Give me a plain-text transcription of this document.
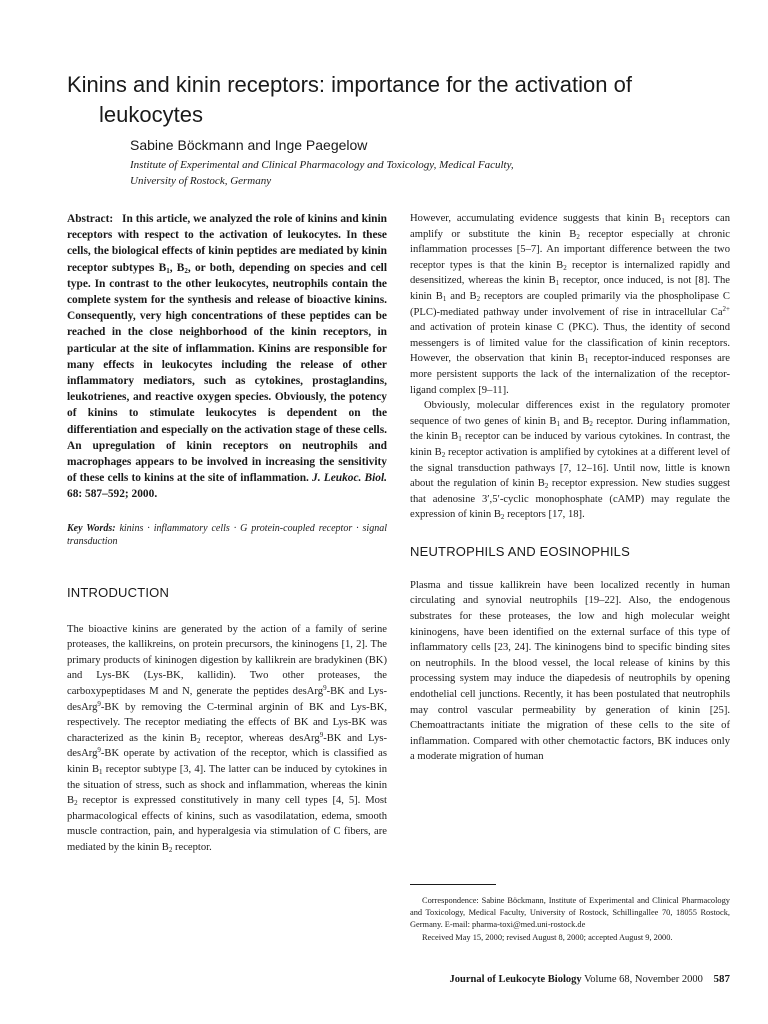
Kinins and kinin receptors: importance for the activation of
leukocytes
Sabine Böckmann and Inge Paegelow
Institute of Experimental and Clinical Pharmacology and Toxicology, Medical Faculty,
University of Rostock, Germany
Abstract:   In this article, we analyzed the role of kinins and kinin receptors with respect to the activation of leukocytes. In these cells, the biological effects of kinin peptides are mediated by kinin receptor subtypes $B_1$, $B_2$, or both, depending on species and cell type. In contrast to the other leukocytes, neutrophils contain the complete system for the synthesis and release of bioactive kinins. Consequently, very high concentrations of these peptides can be reached in the close neighborhood of the kinin receptors, in particular at the site of inflammation. Kinins are responsible for many effects in leukocytes including the release of other inflammatory mediators, such as cytokines, prostaglandins, leukotrienes, and reactive oxygen species. Obviously, the potency of kinins to stimulate leukocytes is dependent on the differentiation and especially on the activation stage of these cells. An upregulation of kinin receptors on neutrophils and macrophages appears to be involved in increasing the sensitivity of these cells to kinins at the site of inflammation. J. Leukoc. Biol. 68: 587–592; 2000.
Key Words: kinins · inflammatory cells · G protein-coupled receptor · signal transduction
INTRODUCTION

The bioactive kinins are generated by the action of a family of serine proteases, the kallikreins, on protein precursors, the kininogens [1, 2]. The primary products of kininogen digestion by kallikrein are bradykinen (BK) and Lys-BK (Lys-BK, kallidin). Two other proteases, the carboxypeptidases M and N, generate the peptides desArg$^9$-BK and Lys-desArg$^9$-BK by removing the C-terminal arginin of BK and Lys-BK, respectively. The receptor mediating the effects of BK and Lys-BK was characterized as the kinin $B_2$ receptor, whereas desArg$^9$-BK and Lys-desArg$^9$-BK operate by activation of the receptor, which is classified as kinin $B_1$ receptor subtype [3, 4]. The latter can be induced by cytokines in the situation of stress, such as shock and inflammation, whereas the kinin $B_2$ receptor is expressed constitutively in many cell types [4, 5]. Most pharmacological effects of kinins, such as vasodilatation, edema, smooth muscle contraction, pain, and hyperalgesia via stimulation of C fibers, are mediated by the kinin $B_2$ receptor.

However, accumulating evidence suggests that kinin $B_1$ receptors can amplify or substitute the kinin $B_2$ receptor especially at chronic inflammation processes [5–7]. An important difference between the two receptor types is that the kinin $B_2$ receptor is internalized rapidly and desensitized, whereas the kinin $B_1$ receptor, once induced, is not [8]. The kinin $B_1$ and $B_2$ receptors are coupled primarily via the phospholipase C (PLC)-mediated pathway under involvement of rise in intracellular $Ca^{2+}$ and activation of protein kinase C (PKC). Thus, the identity of second messengers is of limited value for the classification of kinin receptors. However, the observation that kinin $B_1$ receptor-induced responses are more persistent supports the lack of the internalization of the receptor-ligand complex [9–11].

Obviously, molecular differences exist in the regulatory promoter sequence of two genes of kinin $B_1$ and $B_2$ receptor. During inflammation, the kinin $B_1$ receptor can be induced by various cytokines. In contrast, the kinin $B_2$ receptor activation is amplified by cytokines at a different level of the signal transduction pathways [7, 12–16]. Until now, little is known about the regulation of kinin $B_2$ receptor expression. New studies suggest that adenosine 3′,5′-cyclic monophosphate (cAMP) may regulate the expression of kinin $B_2$ receptors [17, 18].

NEUTROPHILS AND EOSINOPHILS

Plasma and tissue kallikrein have been localized recently in human circulating and synovial neutrophils [19–22]. Also, the endogenous substrates for these proteases, the low and high molecular weight kininogens, have been identified on the external surface of this type of inflammatory cells [23, 24]. The kininogens bind to specific binding sites on neutrophils. In the blood vessel, the local release of kinins by this processing system may induce the diapedesis of neutrophils by opening endothelial cell junctions. Recently, it has been postulated that neutrophils may control vascular permeability by generation of kinin [25]. Chemoattractants initiate the migration of these cells to the site of inflammation. Compared with other chemotactic factors, BK induces only a moderate migration of human

Correspondence: Sabine Böckmann, Institute of Experimental and Clinical Pharmacology and Toxicology, Medical Faculty, University of Rostock, Schillingallee 70, 18055 Rostock, Germany. E-mail: pharma-toxi@med.uni-rostock.de
Received May 15, 2000; revised August 8, 2000; accepted August 9, 2000.
Journal of Leukocyte Biology Volume 68, November 2000 587
